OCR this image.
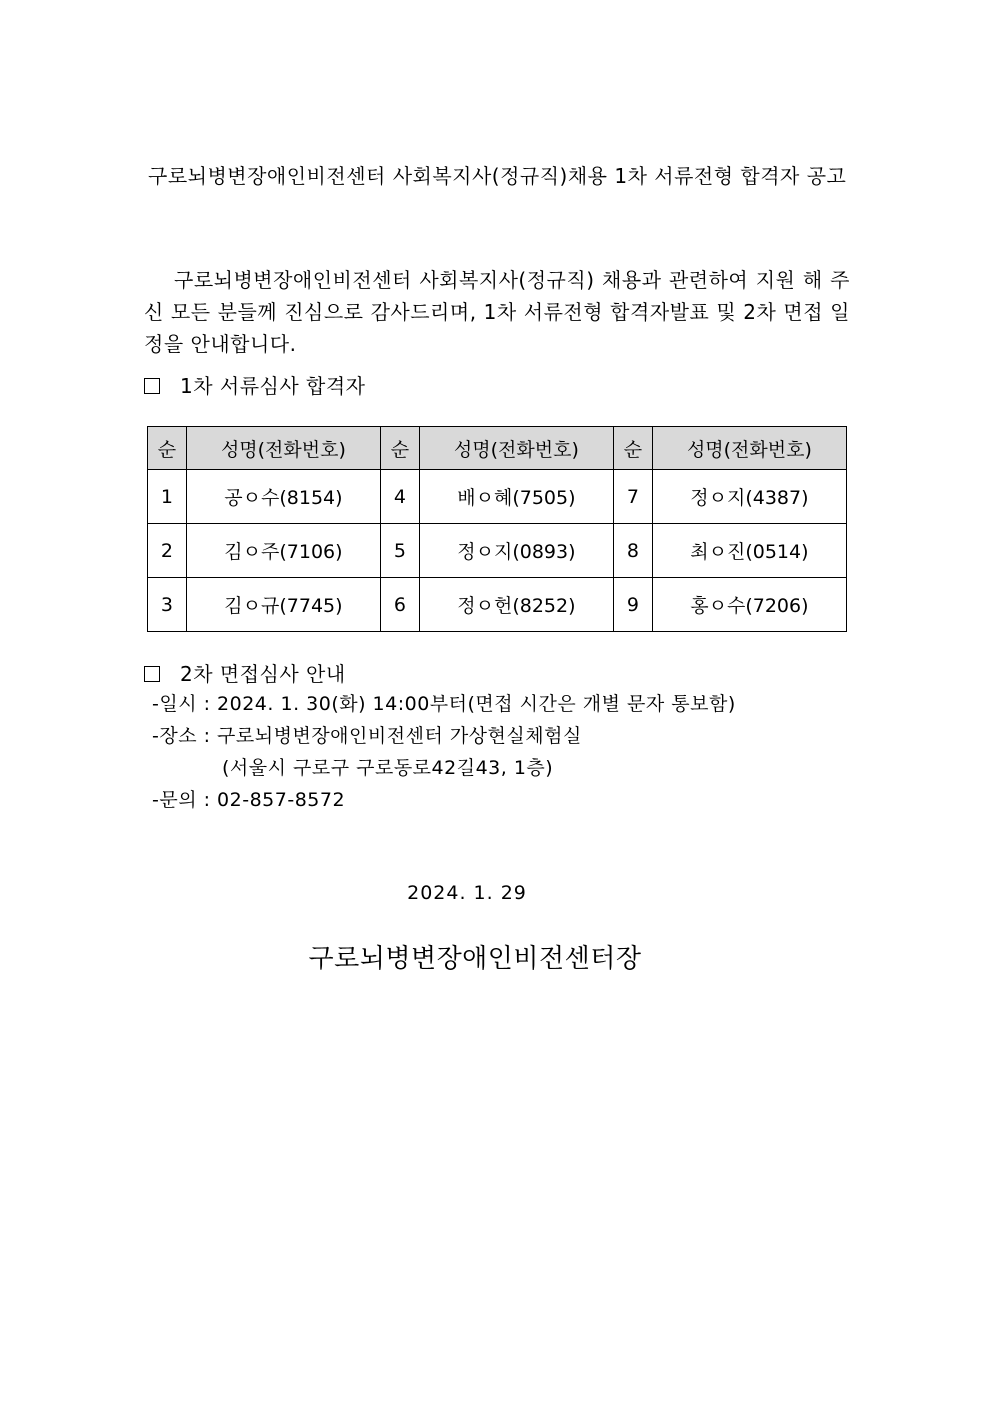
구로뇌병변장애인비전센터 사회복지사(정규직)채용 1차 서류전형 합격자 공고

구로뇌병변장애인비전센터 사회복지사(정규직) 채용과 관련하여 지원 해 주신 모든 분들께 진심으로 감사드리며, 1차 서류전형 합격자발표 및 2차 면접 일정을 안내합니다.

1차 서류심사 합격자
순	성명(전화번호)	순	성명(전화번호)	순	성명(전화번호)
1	공ㅇ수(8154)	4	배ㅇ혜(7505)	7	정ㅇ지(4387)
2	김ㅇ주(7106)	5	정ㅇ지(0893)	8	최ㅇ진(0514)
3	김ㅇ규(7745)	6	정ㅇ헌(8252)	9	홍ㅇ수(7206)
2차 면접심사 안내
-일시 : 2024. 1. 30(화) 14:00부터(면접 시간은 개별 문자 통보함)
-장소 : 구로뇌병변장애인비전센터 가상현실체험실
(서울시 구로구 구로동로42길43, 1층)
-문의 : 02-857-8572
2024. 1. 29
구로뇌병변장애인비전센터장
